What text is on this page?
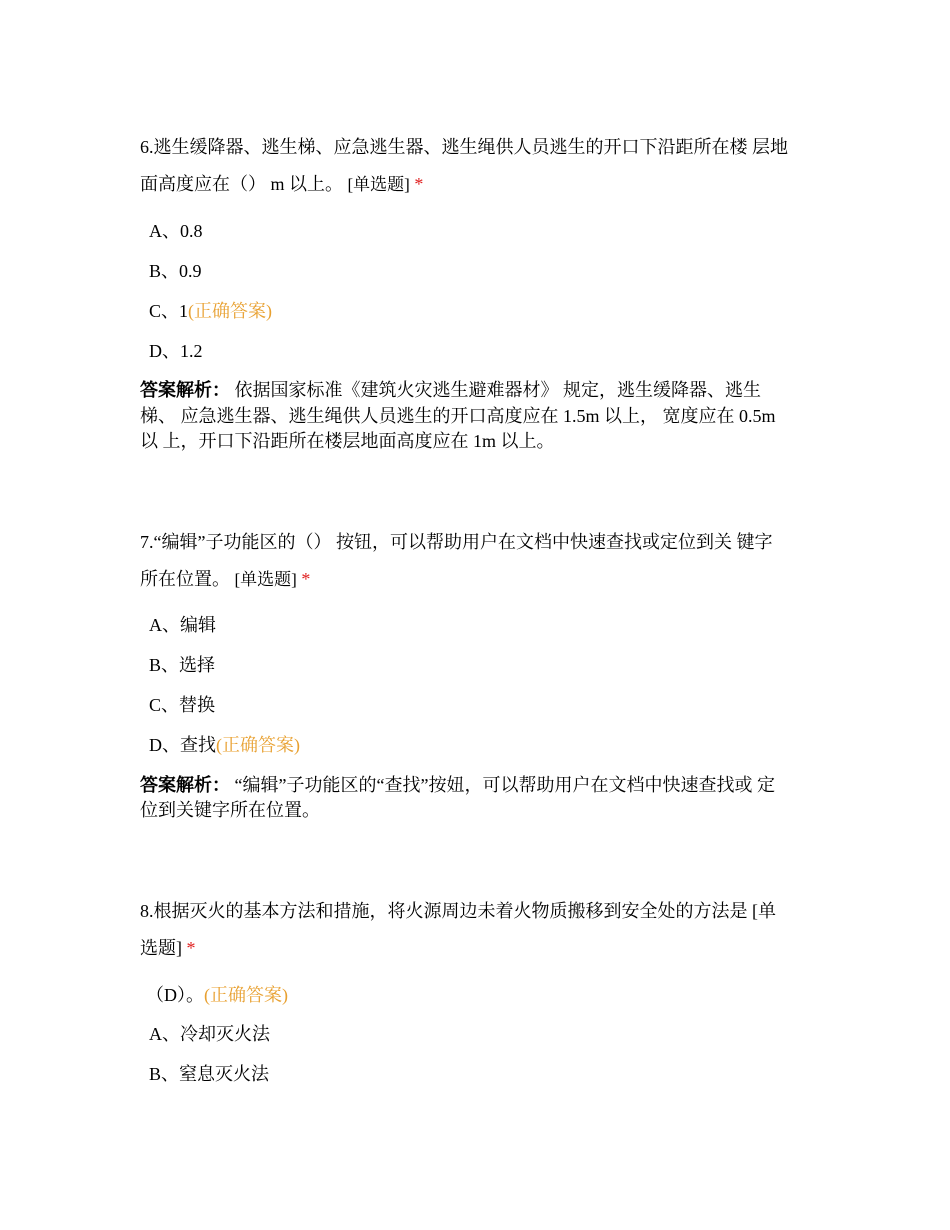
6.逃生缓降器、逃生梯、应急逃生器、逃生绳供人员逃生的开口下沿距所在楼 层地
面高度应在（） m 以上。 [单选题] *
A、0.8
B、0.9
C、1(正确答案)
D、1.2
答案解析： 依据国家标准《建筑火灾逃生避难器材》 规定，逃生缓降器、逃生
梯、 应急逃生器、逃生绳供人员逃生的开口高度应在 1.5m 以上， 宽度应在 0.5m
以 上，开口下沿距所在楼层地面高度应在 1m 以上。
7.“编辑”子功能区的（） 按钮，可以帮助用户在文档中快速查找或定位到关 键字
所在位置。 [单选题] *
A、编辑
B、选择
C、替换
D、查找(正确答案)
答案解析： “编辑”子功能区的“查找”按妞，可以帮助用户在文档中快速查找或 定
位到关键字所在位置。
8.根据灭火的基本方法和措施，将火源周边未着火物质搬移到安全处的方法是 [单
选题] *
（D）。(正确答案)
A、冷却灭火法
B、窒息灭火法
